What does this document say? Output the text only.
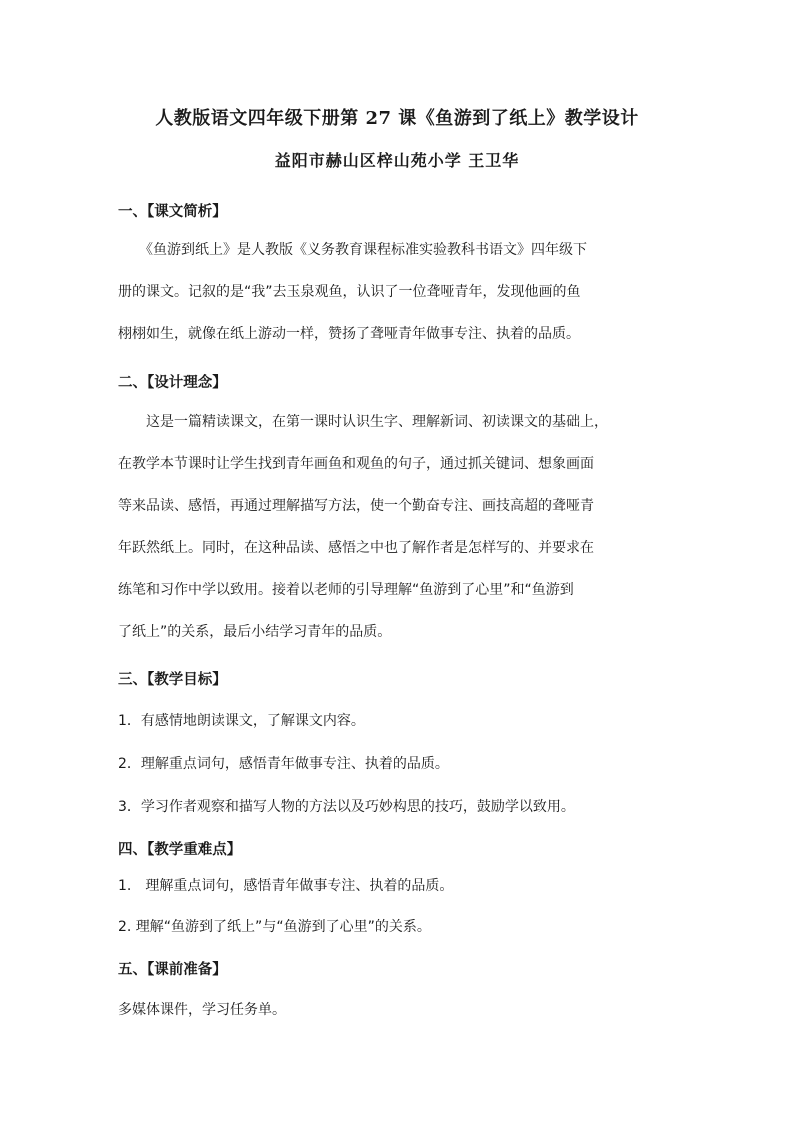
人教版语文四年级下册第 27 课《鱼游到了纸上》教学设计
益阳市赫山区梓山苑小学 王卫华
一、【课文简析】
　　《鱼游到纸上》是人教版《义务教育课程标准实验教科书语文》四年级下
册的课文。记叙的是“我”去玉泉观鱼，认识了一位聋哑青年，发现他画的鱼
栩栩如生，就像在纸上游动一样，赞扬了聋哑青年做事专注、执着的品质。
二、【设计理念】
　　这是一篇精读课文，在第一课时认识生字、理解新词、初读课文的基础上，
在教学本节课时让学生找到青年画鱼和观鱼的句子，通过抓关键词、想象画面
等来品读、感悟，再通过理解描写方法，使一个勤奋专注、画技高超的聋哑青
年跃然纸上。同时，在这种品读、感悟之中也了解作者是怎样写的、并要求在
练笔和习作中学以致用。接着以老师的引导理解“鱼游到了心里”和“鱼游到
了纸上”的关系，最后小结学习青年的品质。
三、【教学目标】
1．有感情地朗读课文，了解课文内容。
2．理解重点词句，感悟青年做事专注、执着的品质。
3．学习作者观察和描写人物的方法以及巧妙构思的技巧，鼓励学以致用。
四、【教学重难点】
1.　理解重点词句，感悟青年做事专注、执着的品质。
2. 理解“鱼游到了纸上”与“鱼游到了心里”的关系。
五、【课前准备】
多媒体课件，学习任务单。
